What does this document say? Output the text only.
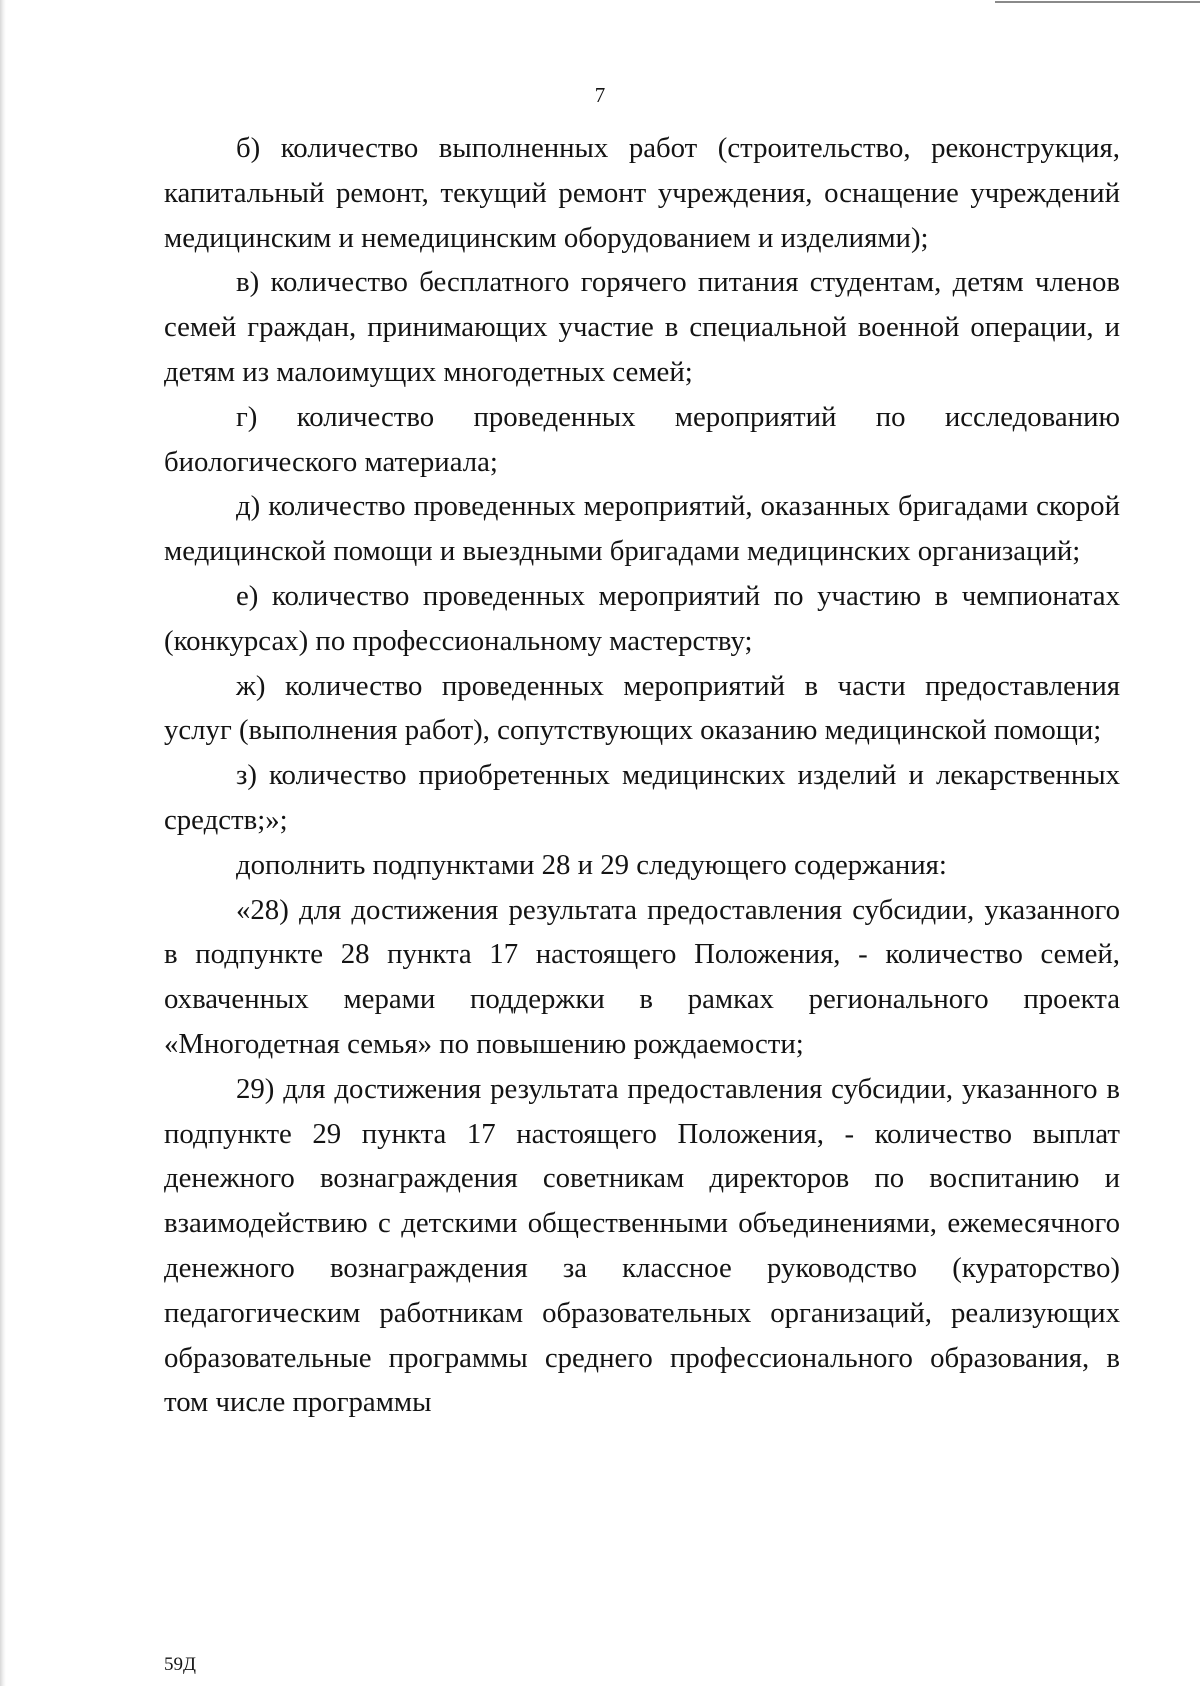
7

б) количество выполненных работ (строительство, реконструкция, капитальный ремонт, текущий ремонт учреждения, оснащение учреждений медицинским и немедицинским оборудованием и изделиями);

в) количество бесплатного горячего питания студентам, детям членов семей граждан, принимающих участие в специальной военной операции, и детям из малоимущих многодетных семей;

г) количество проведенных мероприятий по исследованию биологического материала;

д) количество проведенных мероприятий, оказанных бригадами скорой медицинской помощи и выездными бригадами медицинских организаций;

е) количество проведенных мероприятий по участию в чемпионатах (конкурсах) по профессиональному мастерству;

ж) количество проведенных мероприятий в части предоставления услуг (выполнения работ), сопутствующих оказанию медицинской помощи;

з) количество приобретенных медицинских изделий и лекарственных средств;»;

дополнить подпунктами 28 и 29 следующего содержания:

«28) для достижения результата предоставления субсидии, указанного в подпункте 28 пункта 17 настоящего Положения, - количество семей, охваченных мерами поддержки в рамках регионального проекта «Многодетная семья» по повышению рождаемости;

29) для достижения результата предоставления субсидии, указанного в подпункте 29 пункта 17 настоящего Положения, - количество выплат денежного вознаграждения советникам директоров по воспитанию и взаимодействию с детскими общественными объединениями, ежемесячного денежного вознаграждения за классное руководство (кураторство) педагогическим работникам образовательных организаций, реализующих образовательные программы среднего профессионального образования, в том числе программы

59Д
